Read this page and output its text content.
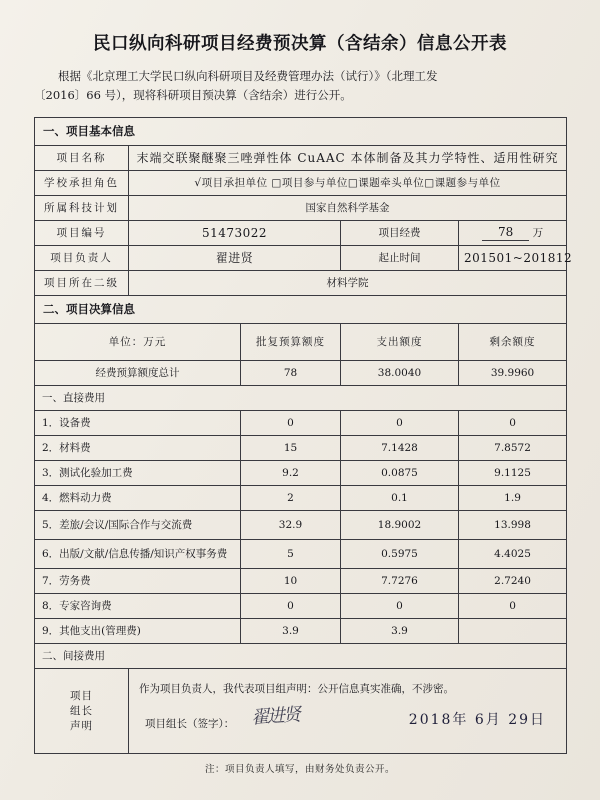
民口纵向科研项目经费预决算（含结余）信息公开表

根据《北京理工大学民口纵向科研项目及经费管理办法（试行）》（北理工发

〔2016〕66 号），现将科研项目预决算（含结余）进行公开。

一、项目基本信息				
项目名称	末端交联聚醚聚三唑弹性体 CuAAC 本体制备及其力学特性、适用性研究			
学校承担角色	√项目承担单位 □项目参与单位□课题牵头单位□课题参与单位			
所属科技计划	国家自然科学基金			
项目编号	51473022		项目经费	78 万
项目负责人	翟进贤		起止时间	201501~201812
项目所在二级	材料学院			
二、项目决算信息				
单位：万元		批复预算额度	支出额度	剩余额度
经费预算额度总计		78	38.0040	39.9960
一、直接费用				
1．设备费		0	0	0
2．材料费		15	7.1428	7.8572
3．测试化验加工费		9.2	0.0875	9.1125
4．燃料动力费		2	0.1	1.9
5．差旅/会议/国际合作与交流费		32.9	18.9002	13.998
6．出版/文献/信息传播/知识产权事务费		5	0.5975	4.4025
7．劳务费		10	7.7276	2.7240
8．专家咨询费		0	0	0
9．其他支出(管理费)		3.9	3.9	
二、间接费用				

项目
组长
声明

作为项目负责人，我代表项目组声明：公开信息真实准确，不涉密。
项目组长（签字）： 翟进贤	2018年 6月 29日
注：项目负责人填写，由财务处负责公开。
